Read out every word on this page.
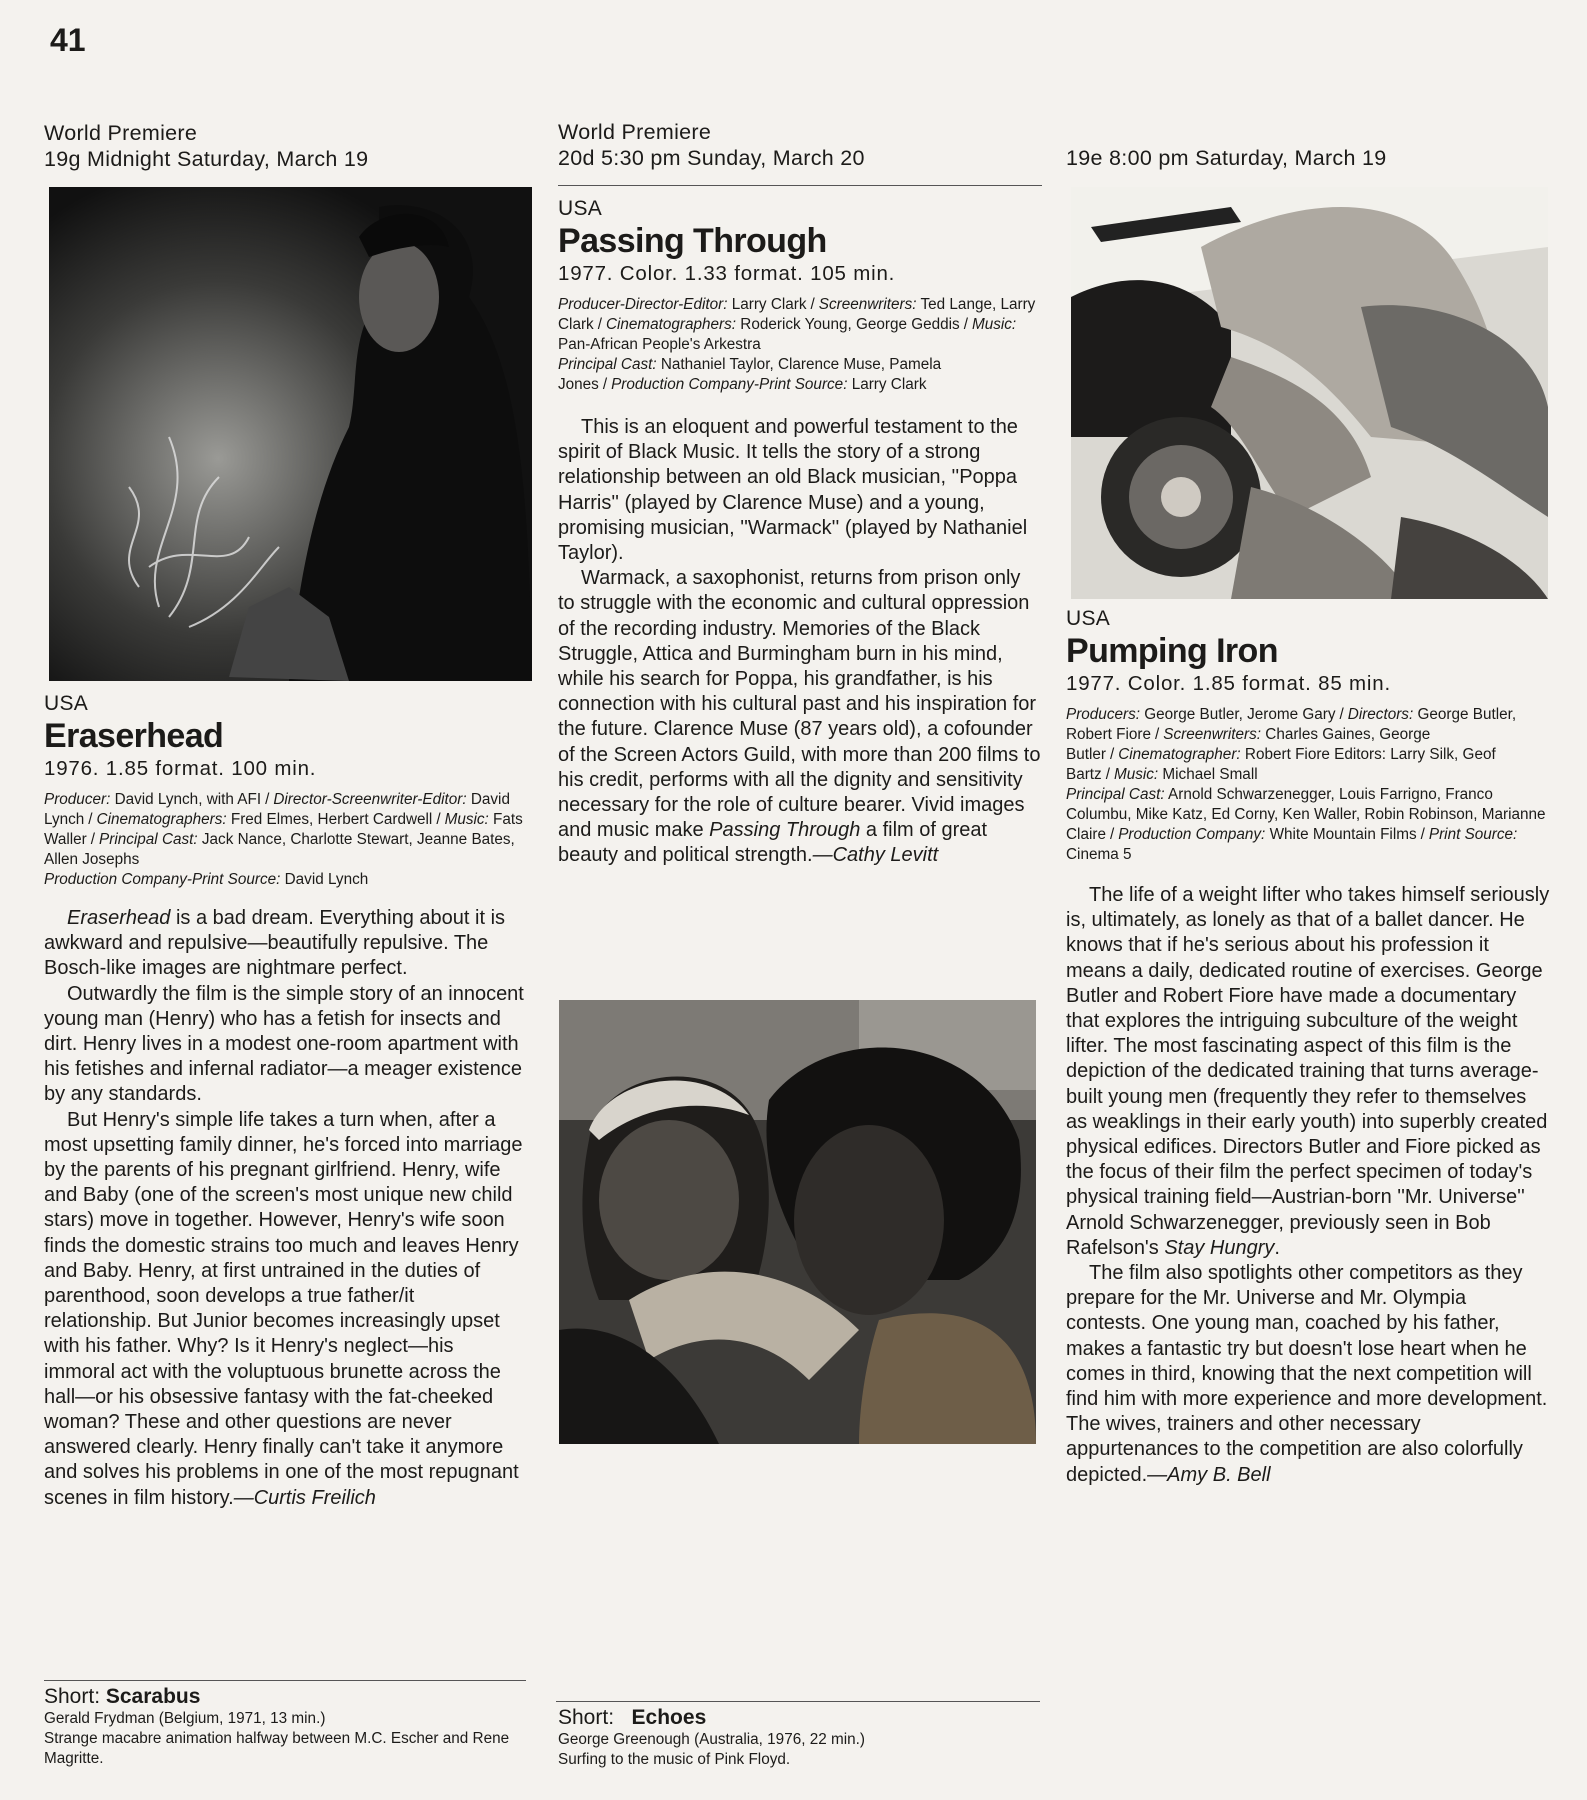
41
World Premiere
19g Midnight Saturday, March 19
USA
Eraserhead
1976. 1.85 format. 100 min.
Producer: David Lynch, with AFI / Director-Screenwriter-Editor: David Lynch / Cinematographers: Fred Elmes, Herbert Cardwell / Music: Fats Waller / Principal Cast: Jack Nance, Charlotte Stewart, Jeanne Bates, Allen Josephs
Production Company-Print Source: David Lynch

Eraserhead is a bad dream. Everything about it is awkward and repulsive—beautifully repulsive. The Bosch-like images are nightmare perfect.

Outwardly the film is the simple story of an innocent young man (Henry) who has a fetish for insects and dirt. Henry lives in a modest one-room apartment with his fetishes and infernal radiator—a meager existence by any standards.

But Henry's simple life takes a turn when, after a most upsetting family dinner, he's forced into marriage by the parents of his pregnant girlfriend. Henry, wife and Baby (one of the screen's most unique new child stars) move in together. However, Henry's wife soon finds the domestic strains too much and leaves Henry and Baby. Henry, at first untrained in the duties of parenthood, soon develops a true father/it relationship. But Junior becomes increasingly upset with his father. Why? Is it Henry's neglect—his immoral act with the voluptuous brunette across the hall—or his obsessive fantasy with the fat-cheeked woman? These and other questions are never answered clearly. Henry finally can't take it anymore and solves his problems in one of the most repugnant scenes in film history.—Curtis Freilich

Short: Scarabus
Gerald Frydman (Belgium, 1971, 13 min.)
Strange macabre animation halfway between M.C. Escher and Rene Magritte.
World Premiere
20d 5:30 pm Sunday, March 20
USA
Passing Through
1977. Color. 1.33 format. 105 min.
Producer-Director-Editor: Larry Clark / Screenwriters: Ted Lange, Larry Clark / Cinematographers: Roderick Young, George Geddis / Music: Pan-African People's Arkestra
Principal Cast: Nathaniel Taylor, Clarence Muse, Pamela Jones / Production Company-Print Source: Larry Clark

This is an eloquent and powerful testament to the spirit of Black Music. It tells the story of a strong relationship between an old Black musician, ''Poppa Harris'' (played by Clarence Muse) and a young, promising musician, ''Warmack'' (played by Nathaniel Taylor).

Warmack, a saxophonist, returns from prison only to struggle with the economic and cultural oppression of the recording industry. Memories of the Black Struggle, Attica and Burmingham burn in his mind, while his search for Poppa, his grandfather, is his connection with his cultural past and his inspiration for the future. Clarence Muse (87 years old), a cofounder of the Screen Actors Guild, with more than 200 films to his credit, performs with all the dignity and sensitivity necessary for the role of culture bearer. Vivid images and music make Passing Through a film of great beauty and political strength.—Cathy Levitt

Short:   Echoes
George Greenough (Australia, 1976, 22 min.)
Surfing to the music of Pink Floyd.
19e 8:00 pm Saturday, March 19
USA
Pumping Iron
1977. Color. 1.85 format. 85 min.
Producers: George Butler, Jerome Gary / Directors: George Butler, Robert Fiore / Screenwriters: Charles Gaines, George Butler / Cinematographer: Robert Fiore Editors: Larry Silk, Geof Bartz / Music: Michael Small
Principal Cast: Arnold Schwarzenegger, Louis Farrigno, Franco Columbu, Mike Katz, Ed Corny, Ken Waller, Robin Robinson, Marianne Claire / Production Company: White Mountain Films / Print Source: Cinema 5

The life of a weight lifter who takes himself seriously is, ultimately, as lonely as that of a ballet dancer. He knows that if he's serious about his profession it means a daily, dedicated routine of exercises. George Butler and Robert Fiore have made a documentary that explores the intriguing subculture of the weight lifter. The most fascinating aspect of this film is the depiction of the dedicated training that turns average-built young men (frequently they refer to themselves as weaklings in their early youth) into superbly created physical edifices. Directors Butler and Fiore picked as the focus of their film the perfect specimen of today's physical training field—Austrian-born ''Mr. Universe'' Arnold Schwarzenegger, previously seen in Bob Rafelson's Stay Hungry.

The film also spotlights other competitors as they prepare for the Mr. Universe and Mr. Olympia contests. One young man, coached by his father, makes a fantastic try but doesn't lose heart when he comes in third, knowing that the next competition will find him with more experience and more development. The wives, trainers and other necessary appurtenances to the competition are also colorfully depicted.—Amy B. Bell
